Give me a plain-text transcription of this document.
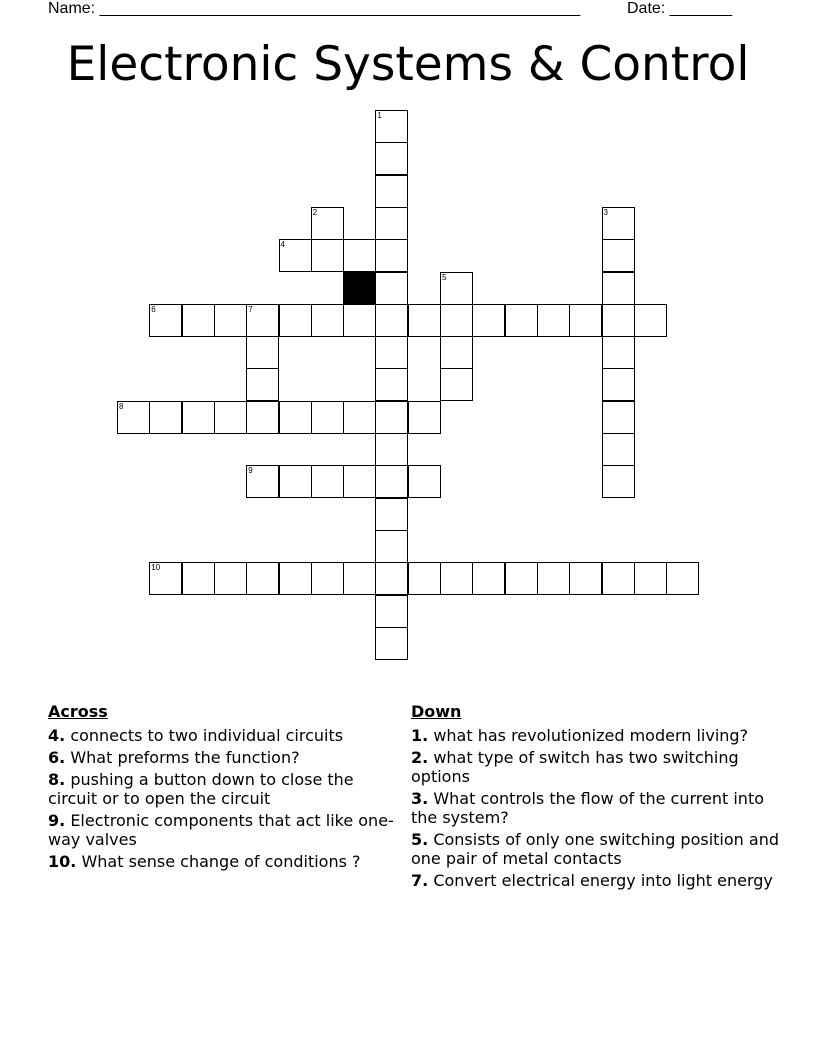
Name: ______________________________________________________	Date: _______
Electronic Systems & Control
1
2
4
3
5
6	7
8
9
10
Across
4. connects to two individual circuits
6. What preforms the function?
8. pushing a button down to close the circuit or to open the circuit
9. Electronic components that act like one-way valves
10. What sense change of conditions ?
Down
1. what has revolutionized modern living?
2. what type of switch has two switching options
3. What controls the flow of the current into the system?
5. Consists of only one switching position and one pair of metal contacts
7. Convert electrical energy into light energy
